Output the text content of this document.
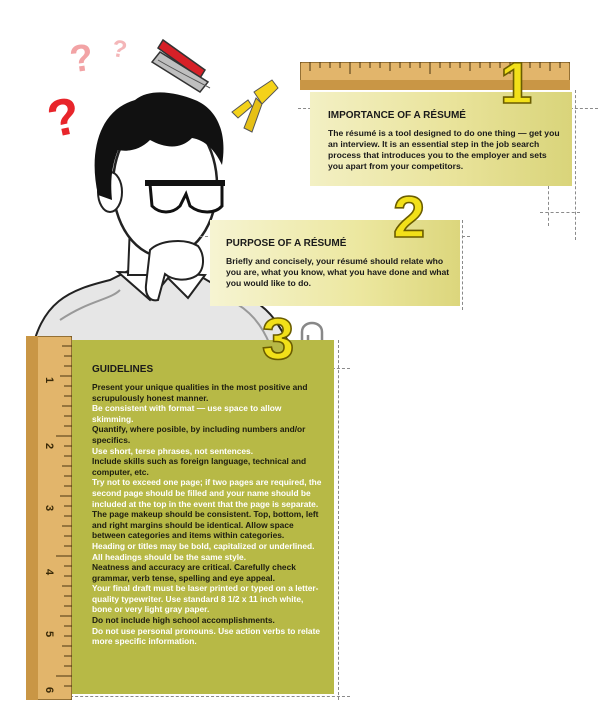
?
? ?
IMPORTANCE OF A RÉSUMÉ

The résumé is a tool designed to do one thing — get you an interview. It is an essential step in the job search process that introduces you to the employer and sets you apart from your competitors.

1
PURPOSE OF A RÉSUMÉ

Briefly and concisely, your résumé should relate who you are, what you know, what you have done and what you would like to do.

2
3
GUIDELINES
Present your unique qualities in the most positive and scrupulously honest manner.
Be consistent with format — use space to allow skimming.
Quantify, where posible, by including numbers and/or specifics.
Use short, terse phrases, not sentences.
Include skills such as foreign language, technical and computer, etc.
Try not to exceed one page; if two pages are required, the second page should be filled and your name should be included at the top in the event that the page is separate.
The page makeup should be consistent. Top, bottom, left and right margins should be identical. Allow space between categories and items within categories.
Heading or titles may be bold, capitalized or underlined. All headings should be the same style.
Neatness and accuracy are critical. Carefully check grammar, verb tense, spelling and eye appeal.
Your final draft must be laser printed or typed on a letter-quality typewriter. Use standard 8 1/2 x 11 inch white, bone or very light gray paper.
Do not include high school accomplishments.
Do not use personal pronouns. Use action verbs to relate more specific information.
1
2
3
4
5
6
